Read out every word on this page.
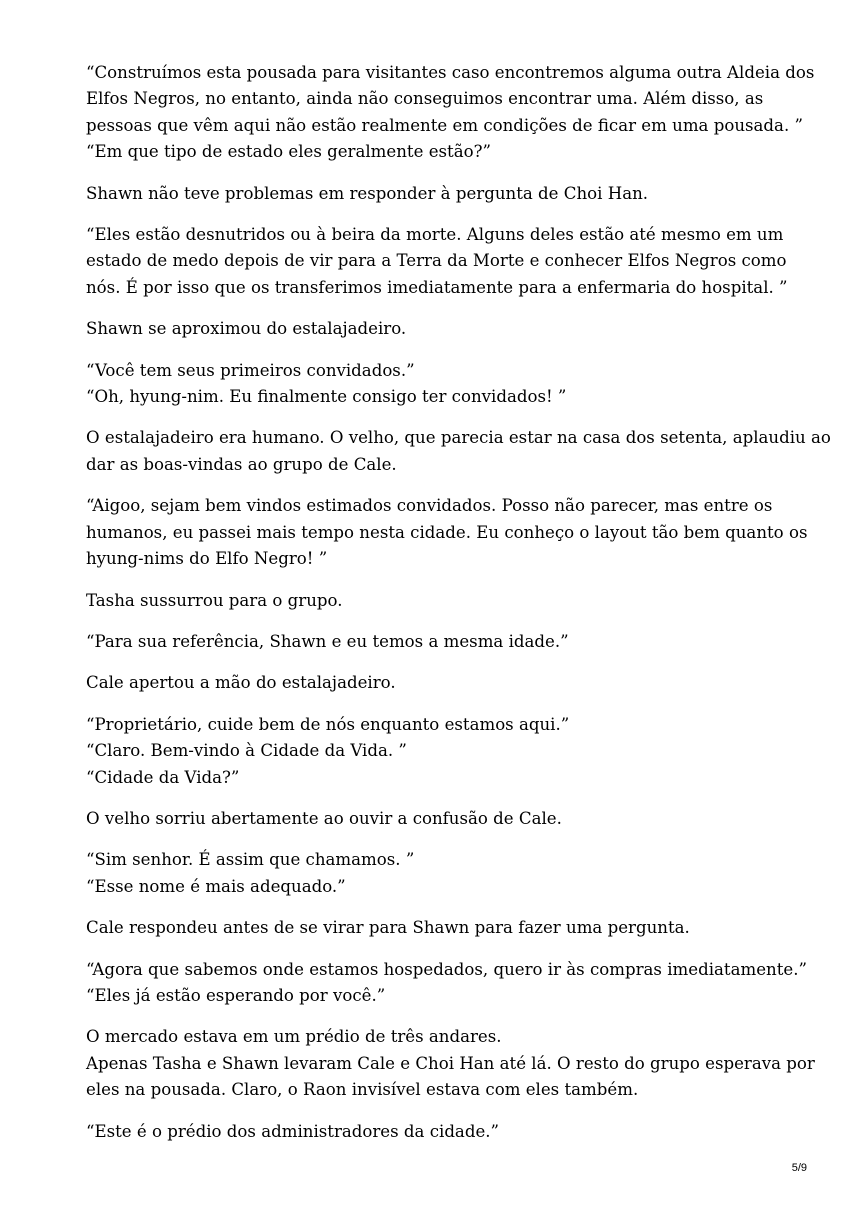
“Construímos esta pousada para visitantes caso encontremos alguma outra Aldeia dos
Elfos Negros, no entanto, ainda não conseguimos encontrar uma. Além disso, as
pessoas que vêm aqui não estão realmente em condições de ficar em uma pousada. ”
“Em que tipo de estado eles geralmente estão?”

Shawn não teve problemas em responder à pergunta de Choi Han.

“Eles estão desnutridos ou à beira da morte. Alguns deles estão até mesmo em um
estado de medo depois de vir para a Terra da Morte e conhecer Elfos Negros como
nós. É por isso que os transferimos imediatamente para a enfermaria do hospital. ”

Shawn se aproximou do estalajadeiro.

“Você tem seus primeiros convidados.”
“Oh, hyung-nim. Eu finalmente consigo ter convidados! ”

O estalajadeiro era humano. O velho, que parecia estar na casa dos setenta, aplaudiu ao
dar as boas-vindas ao grupo de Cale.

“Aigoo, sejam bem vindos estimados convidados. Posso não parecer, mas entre os
humanos, eu passei mais tempo nesta cidade. Eu conheço o layout tão bem quanto os
hyung-nims do Elfo Negro! ”

Tasha sussurrou para o grupo.

“Para sua referência, Shawn e eu temos a mesma idade.”

Cale apertou a mão do estalajadeiro.

“Proprietário, cuide bem de nós enquanto estamos aqui.”
“Claro. Bem-vindo à Cidade da Vida. ”
“Cidade da Vida?”

O velho sorriu abertamente ao ouvir a confusão de Cale.

“Sim senhor. É assim que chamamos. ”
“Esse nome é mais adequado.”

Cale respondeu antes de se virar para Shawn para fazer uma pergunta.

“Agora que sabemos onde estamos hospedados, quero ir às compras imediatamente.”
“Eles já estão esperando por você.”

O mercado estava em um prédio de três andares.
Apenas Tasha e Shawn levaram Cale e Choi Han até lá. O resto do grupo esperava por
eles na pousada. Claro, o Raon invisível estava com eles também.

“Este é o prédio dos administradores da cidade.”

5/9
